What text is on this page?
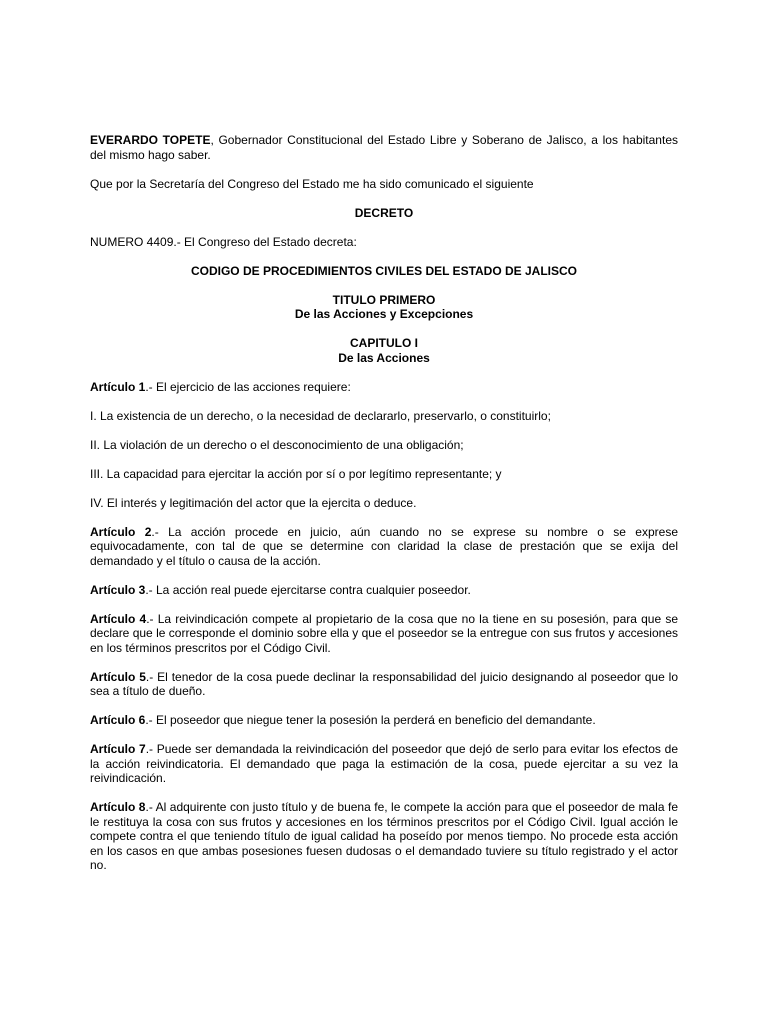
EVERARDO TOPETE, Gobernador Constitucional del Estado Libre y Soberano de Jalisco, a los habitantes del mismo hago saber.

Que por la Secretaría del Congreso del Estado me ha sido comunicado el siguiente

DECRETO

NUMERO 4409.- El Congreso del Estado decreta:

CODIGO DE PROCEDIMIENTOS CIVILES DEL ESTADO DE JALISCO

TITULO PRIMERO
De las Acciones y Excepciones
CAPITULO I
De las Acciones

Artículo 1.- El ejercicio de las acciones requiere:

I. La existencia de un derecho, o la necesidad de declararlo, preservarlo, o constituirlo;

II. La violación de un derecho o el desconocimiento de una obligación;

III. La capacidad para ejercitar la acción por sí o por legítimo representante; y

IV. El interés y legitimación del actor que la ejercita o deduce.

Artículo 2.- La acción procede en juicio, aún cuando no se exprese su nombre o se exprese equivocadamente, con tal de que se determine con claridad la clase de prestación que se exija del demandado y el título o causa de la acción.

Artículo 3.- La acción real puede ejercitarse contra cualquier poseedor.

Artículo 4.- La reivindicación compete al propietario de la cosa que no la tiene en su posesión, para que se declare que le corresponde el dominio sobre ella y que el poseedor se la entregue con sus frutos y accesiones en los términos prescritos por el Código Civil.

Artículo 5.- El tenedor de la cosa puede declinar la responsabilidad del juicio designando al poseedor que lo sea a título de dueño.

Artículo 6.- El poseedor que niegue tener la posesión la perderá en beneficio del demandante.

Artículo 7.- Puede ser demandada la reivindicación del poseedor que dejó de serlo para evitar los efectos de la acción reivindicatoria. El demandado que paga la estimación de la cosa, puede ejercitar a su vez la reivindicación.

Artículo 8.- Al adquirente con justo título y de buena fe, le compete la acción para que el poseedor de mala fe le restituya la cosa con sus frutos y accesiones en los términos prescritos por el Código Civil. Igual acción le compete contra el que teniendo título de igual calidad ha poseído por menos tiempo. No procede esta acción en los casos en que ambas posesiones fuesen dudosas o el demandado tuviere su título registrado y el actor no.
